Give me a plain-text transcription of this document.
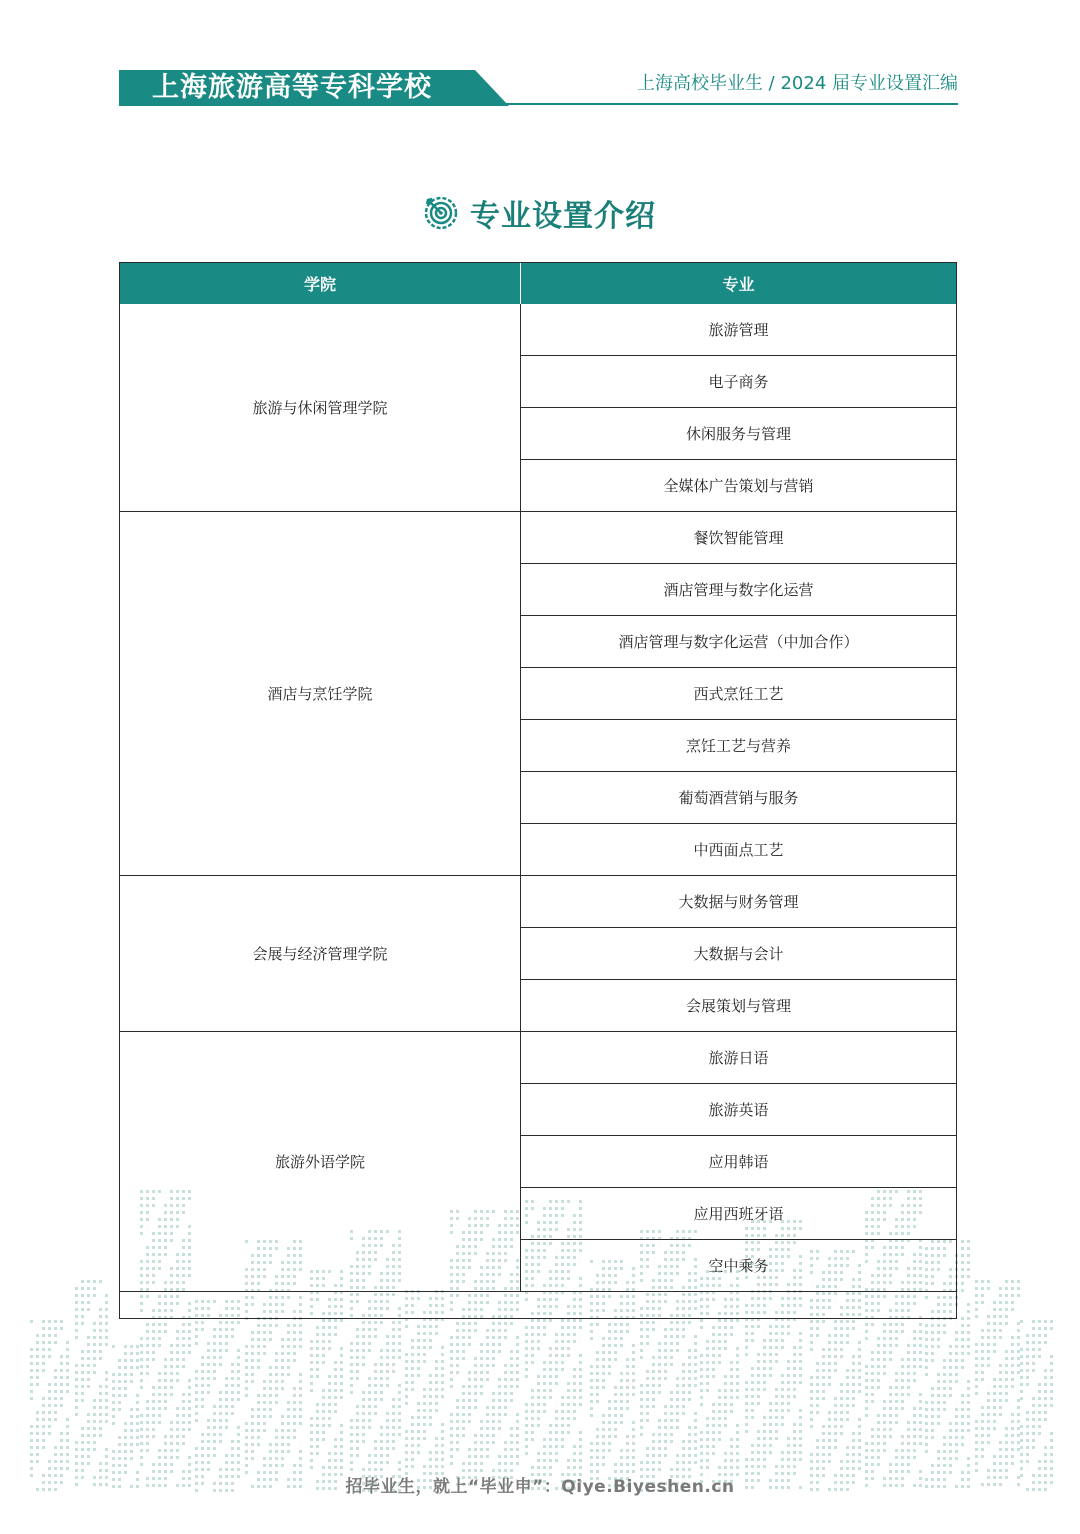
上海旅游高等专科学校	上海高校毕业生 / 2024 届专业设置汇编
专业设置介绍
学院	专业
旅游与休闲管理学院
旅游管理
电子商务
休闲服务与管理
全媒体广告策划与营销
酒店与烹饪学院
餐饮智能管理
酒店管理与数字化运营
酒店管理与数字化运营（中加合作）
西式烹饪工艺
烹饪工艺与营养
葡萄酒营销与服务
中西面点工艺
会展与经济管理学院
大数据与财务管理
大数据与会计
会展策划与管理
旅游外语学院
旅游日语
旅游英语
应用韩语
应用西班牙语
空中乘务
招毕业生，就上“毕业申”：Qiye.Biyeshen.cn
